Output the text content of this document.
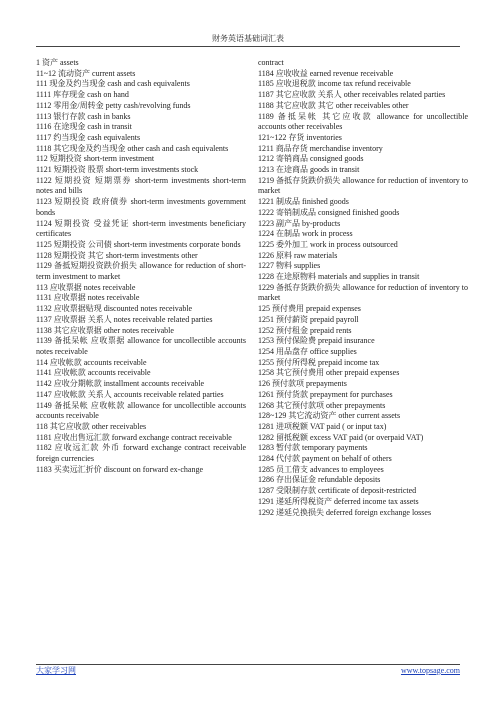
财务英语基础词汇表

1 资产 assets

11~12 流动资产 current assets

111 现金及约当现金 cash and cash equivalents

1111 库存现金 cash on hand

1112 零用金/周转金 petty cash/revolving funds

1113 银行存款 cash in banks

1116 在途现金 cash in transit

1117 约当现金 cash equivalents

1118 其它现金及约当现金 other cash and cash equivalents

112 短期投资 short-term investment

1121 短期投资 股票 short-term investments stock

1122 短期投资 短期票券 short-term investments short-term notes and bills

1123 短期投资 政府债券 short-term investments government bonds

1124 短期投资 受益凭证 short-term investments beneficiary certificates

1125 短期投资 公司债 short-term investments corporate bonds

1128 短期投资 其它 short-term investments other

1129 备抵短期投资跌价损失 allowance for reduction of short-term investment to market

113 应收票据 notes receivable

1131 应收票据 notes receivable

1132 应收票据贴现 discounted notes receivable

1137 应收票据 关系人 notes receivable related parties

1138 其它应收票据 other notes receivable

1139 备抵呆帐 应收票据 allowance for uncollectible accounts notes receivable

114 应收帐款 accounts receivable

1141 应收帐款 accounts receivable

1142 应收分期帐款 installment accounts receivable

1147 应收帐款 关系人 accounts receivable related parties

1149 备抵呆帐 应收帐款 allowance for uncollectible accounts accounts receivable

118 其它应收款 other receivables

1181 应收出售远汇款 forward exchange contract receivable

1182 应收远汇款 外币 forward exchange contract receivable foreign currencies

1183 买卖远汇折价 discount on forward ex-change

contract

1184 应收收益 earned revenue receivable

1185 应收退税款 income tax refund receivable

1187 其它应收款 关系人 other receivables related parties

1188 其它应收款 其它 other receivables other

1189 备抵呆帐 其它应收款 allowance for uncollectible accounts other receivables

121~122 存货 inventories

1211 商品存货 merchandise inventory

1212 寄销商品 consigned goods

1213 在途商品 goods in transit

1219 备抵存货跌价损失 allowance for reduction of inventory to market

1221 制成品 finished goods

1222 寄销制成品 consigned finished goods

1223 副产品 by-products

1224 在制品 work in process

1225 委外加工 work in process outsourced

1226 原料 raw materials

1227 物料 supplies

1228 在途原物料 materials and supplies in transit

1229 备抵存货跌价损失 allowance for reduction of inventory to market

125 预付费用 prepaid expenses

1251 预付薪资 prepaid payroll

1252 预付租金 prepaid rents

1253 预付保险费 prepaid insurance

1254 用品盘存 office supplies

1255 预付所得税 prepaid income tax

1258 其它预付费用 other prepaid expenses

126 预付款项 prepayments

1261 预付货款 prepayment for purchases

1268 其它预付款项 other prepayments

128~129 其它流动资产 other current assets

1281 进项税额 VAT paid ( or input tax)

1282 留抵税额 excess VAT paid (or overpaid VAT)

1283 暂付款 temporary payments

1284 代付款 payment on behalf of others

1285 员工借支 advances to employees

1286 存出保证金 refundable deposits

1287 受限制存款 certificate of deposit-restricted

1291 递延所得税资产 deferred income tax assets

1292 递延兑换损失 deferred foreign exchange losses

大家学习网	www.topsage.com
